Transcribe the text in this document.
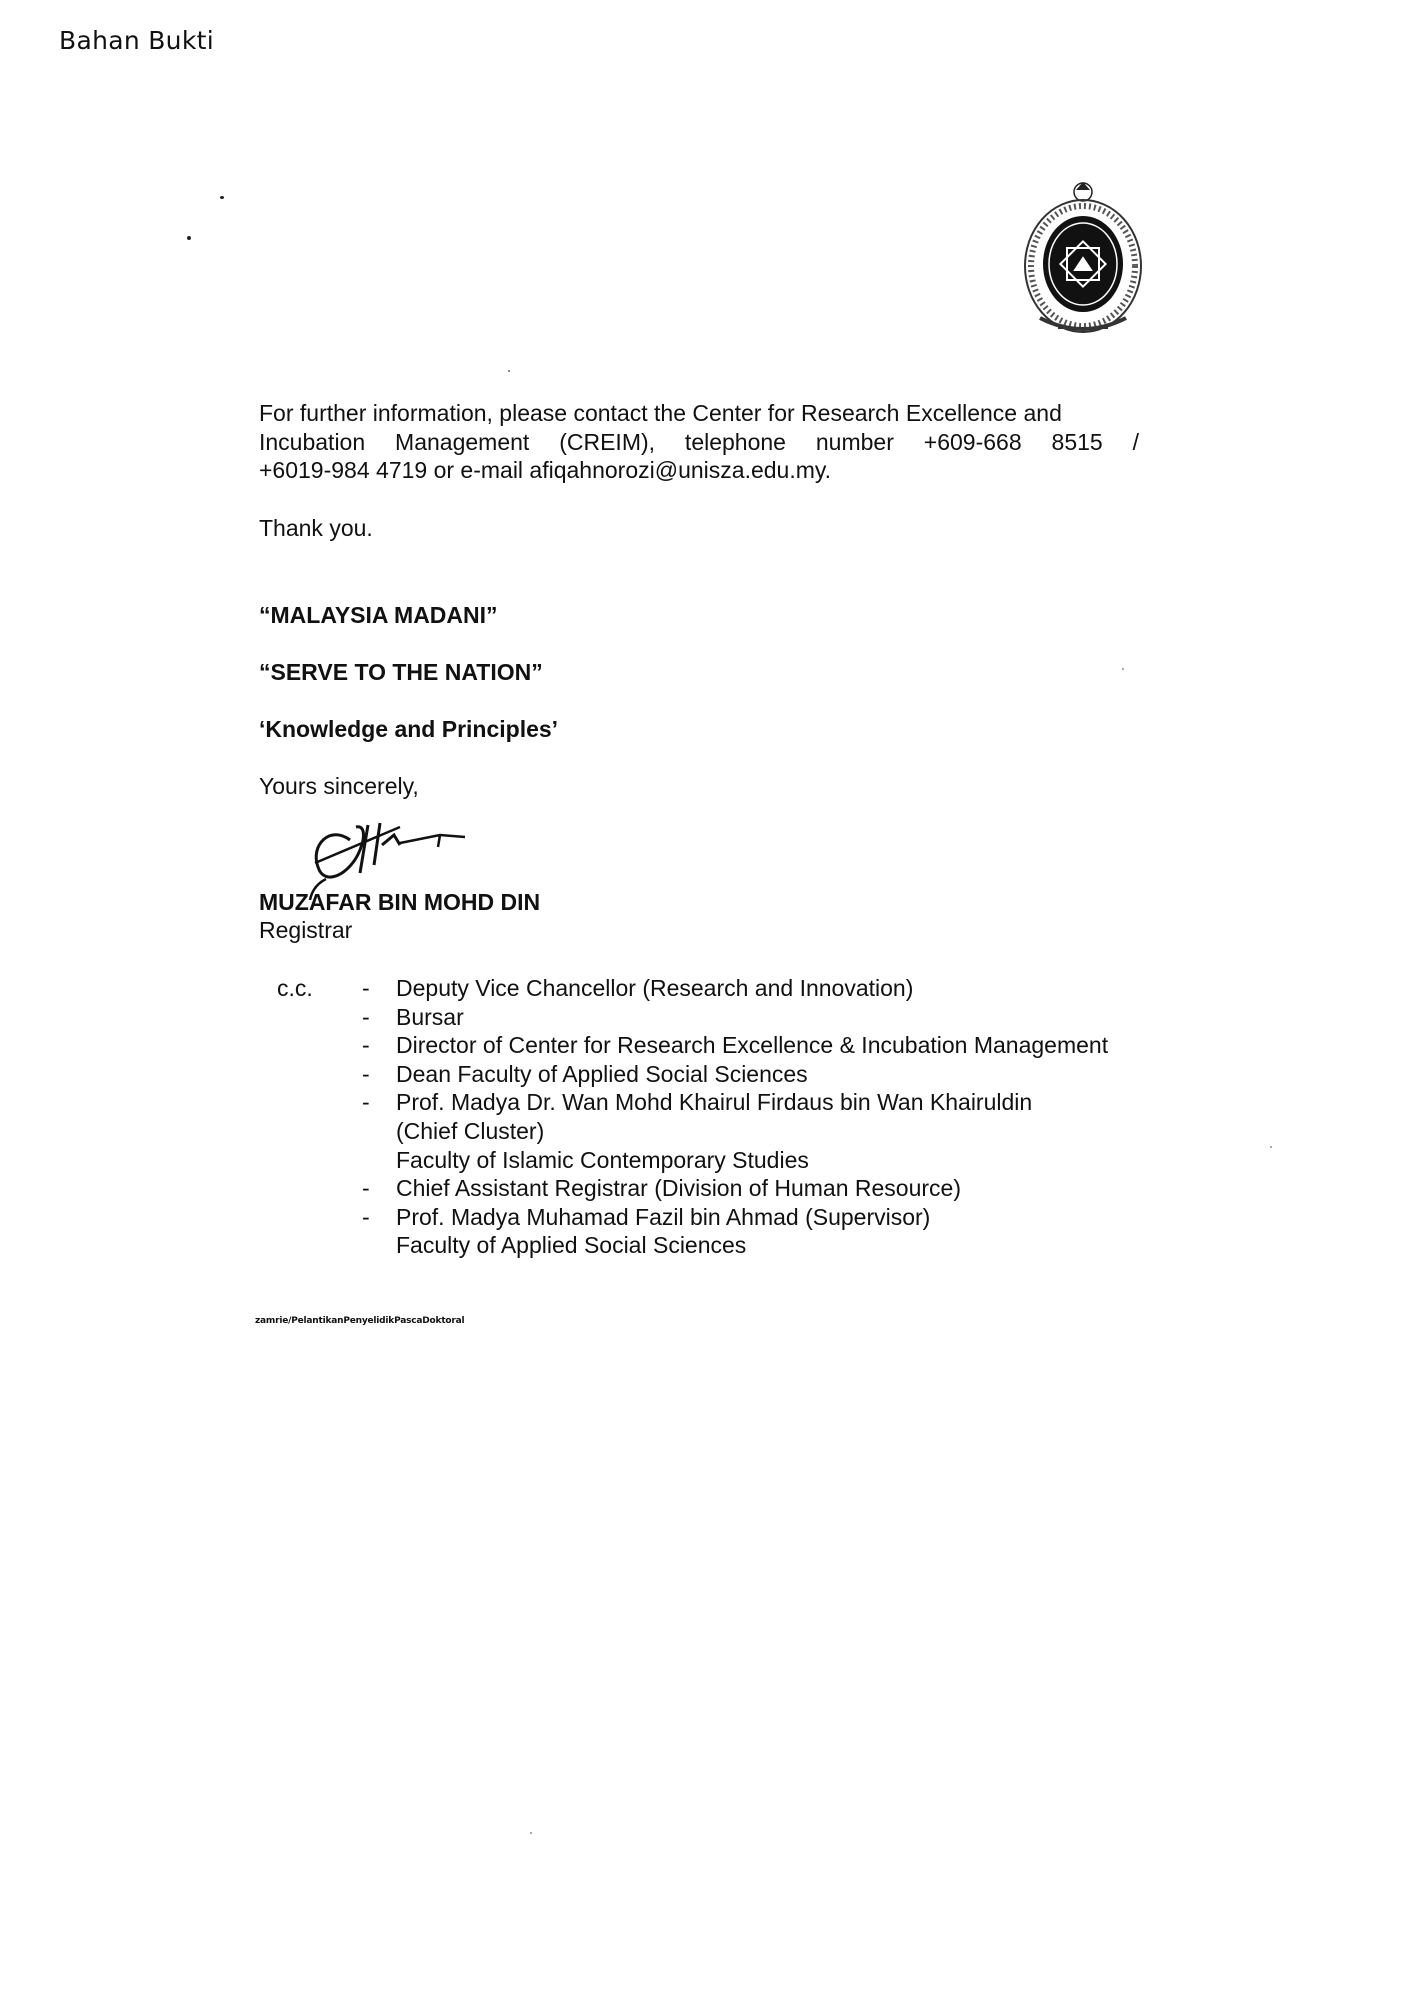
Bahan Bukti
For further information, please contact the Center for Research Excellence and
Incubation Management (CREIM), telephone number +609-668 8515 /
+6019-984 4719 or e-mail afiqahnorozi@unisza.edu.my.
Thank you.
“MALAYSIA MADANI”
“SERVE TO THE NATION”
‘Knowledge and Principles’
Yours sincerely,
MUZAFAR BIN MOHD DIN
Registrar
c.c. - Deputy Vice Chancellor (Research and Innovation)
- Bursar
- Director of Center for Research Excellence & Incubation Management
- Dean Faculty of Applied Social Sciences
- Prof. Madya Dr. Wan Mohd Khairul Firdaus bin Wan Khairuldin
(Chief Cluster)
Faculty of Islamic Contemporary Studies
- Chief Assistant Registrar (Division of Human Resource)
- Prof. Madya Muhamad Fazil bin Ahmad (Supervisor)
Faculty of Applied Social Sciences
zamrie/PelantikanPenyelidikPascaDoktoral
